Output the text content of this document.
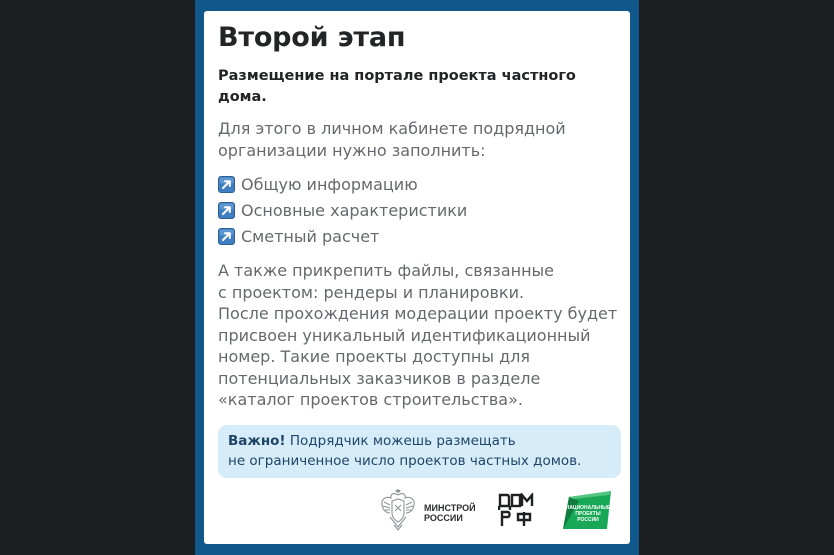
Второй этап

Размещение на портале проекта частного дома.

Для этого в личном кабинете подрядной
организации нужно заполнить:

Общую информацию
Основные характеристики
Сметный расчет

А также прикрепить файлы, связанные
с проектом: рендеры и планировки.
После прохождения модерации проекту будет
присвоен уникальный идентификационный
номер. Такие проекты доступны для
потенциальных заказчиков в разделе
«каталог проектов строительства».

Важно! Подрядчик можешь размещать
не ограниченное число проектов частных домов.

МИНСТРОЙ
РОССИИ
НАЦИОНАЛЬНЫЕ
ПРОЕКТЫ
РОССИИ
